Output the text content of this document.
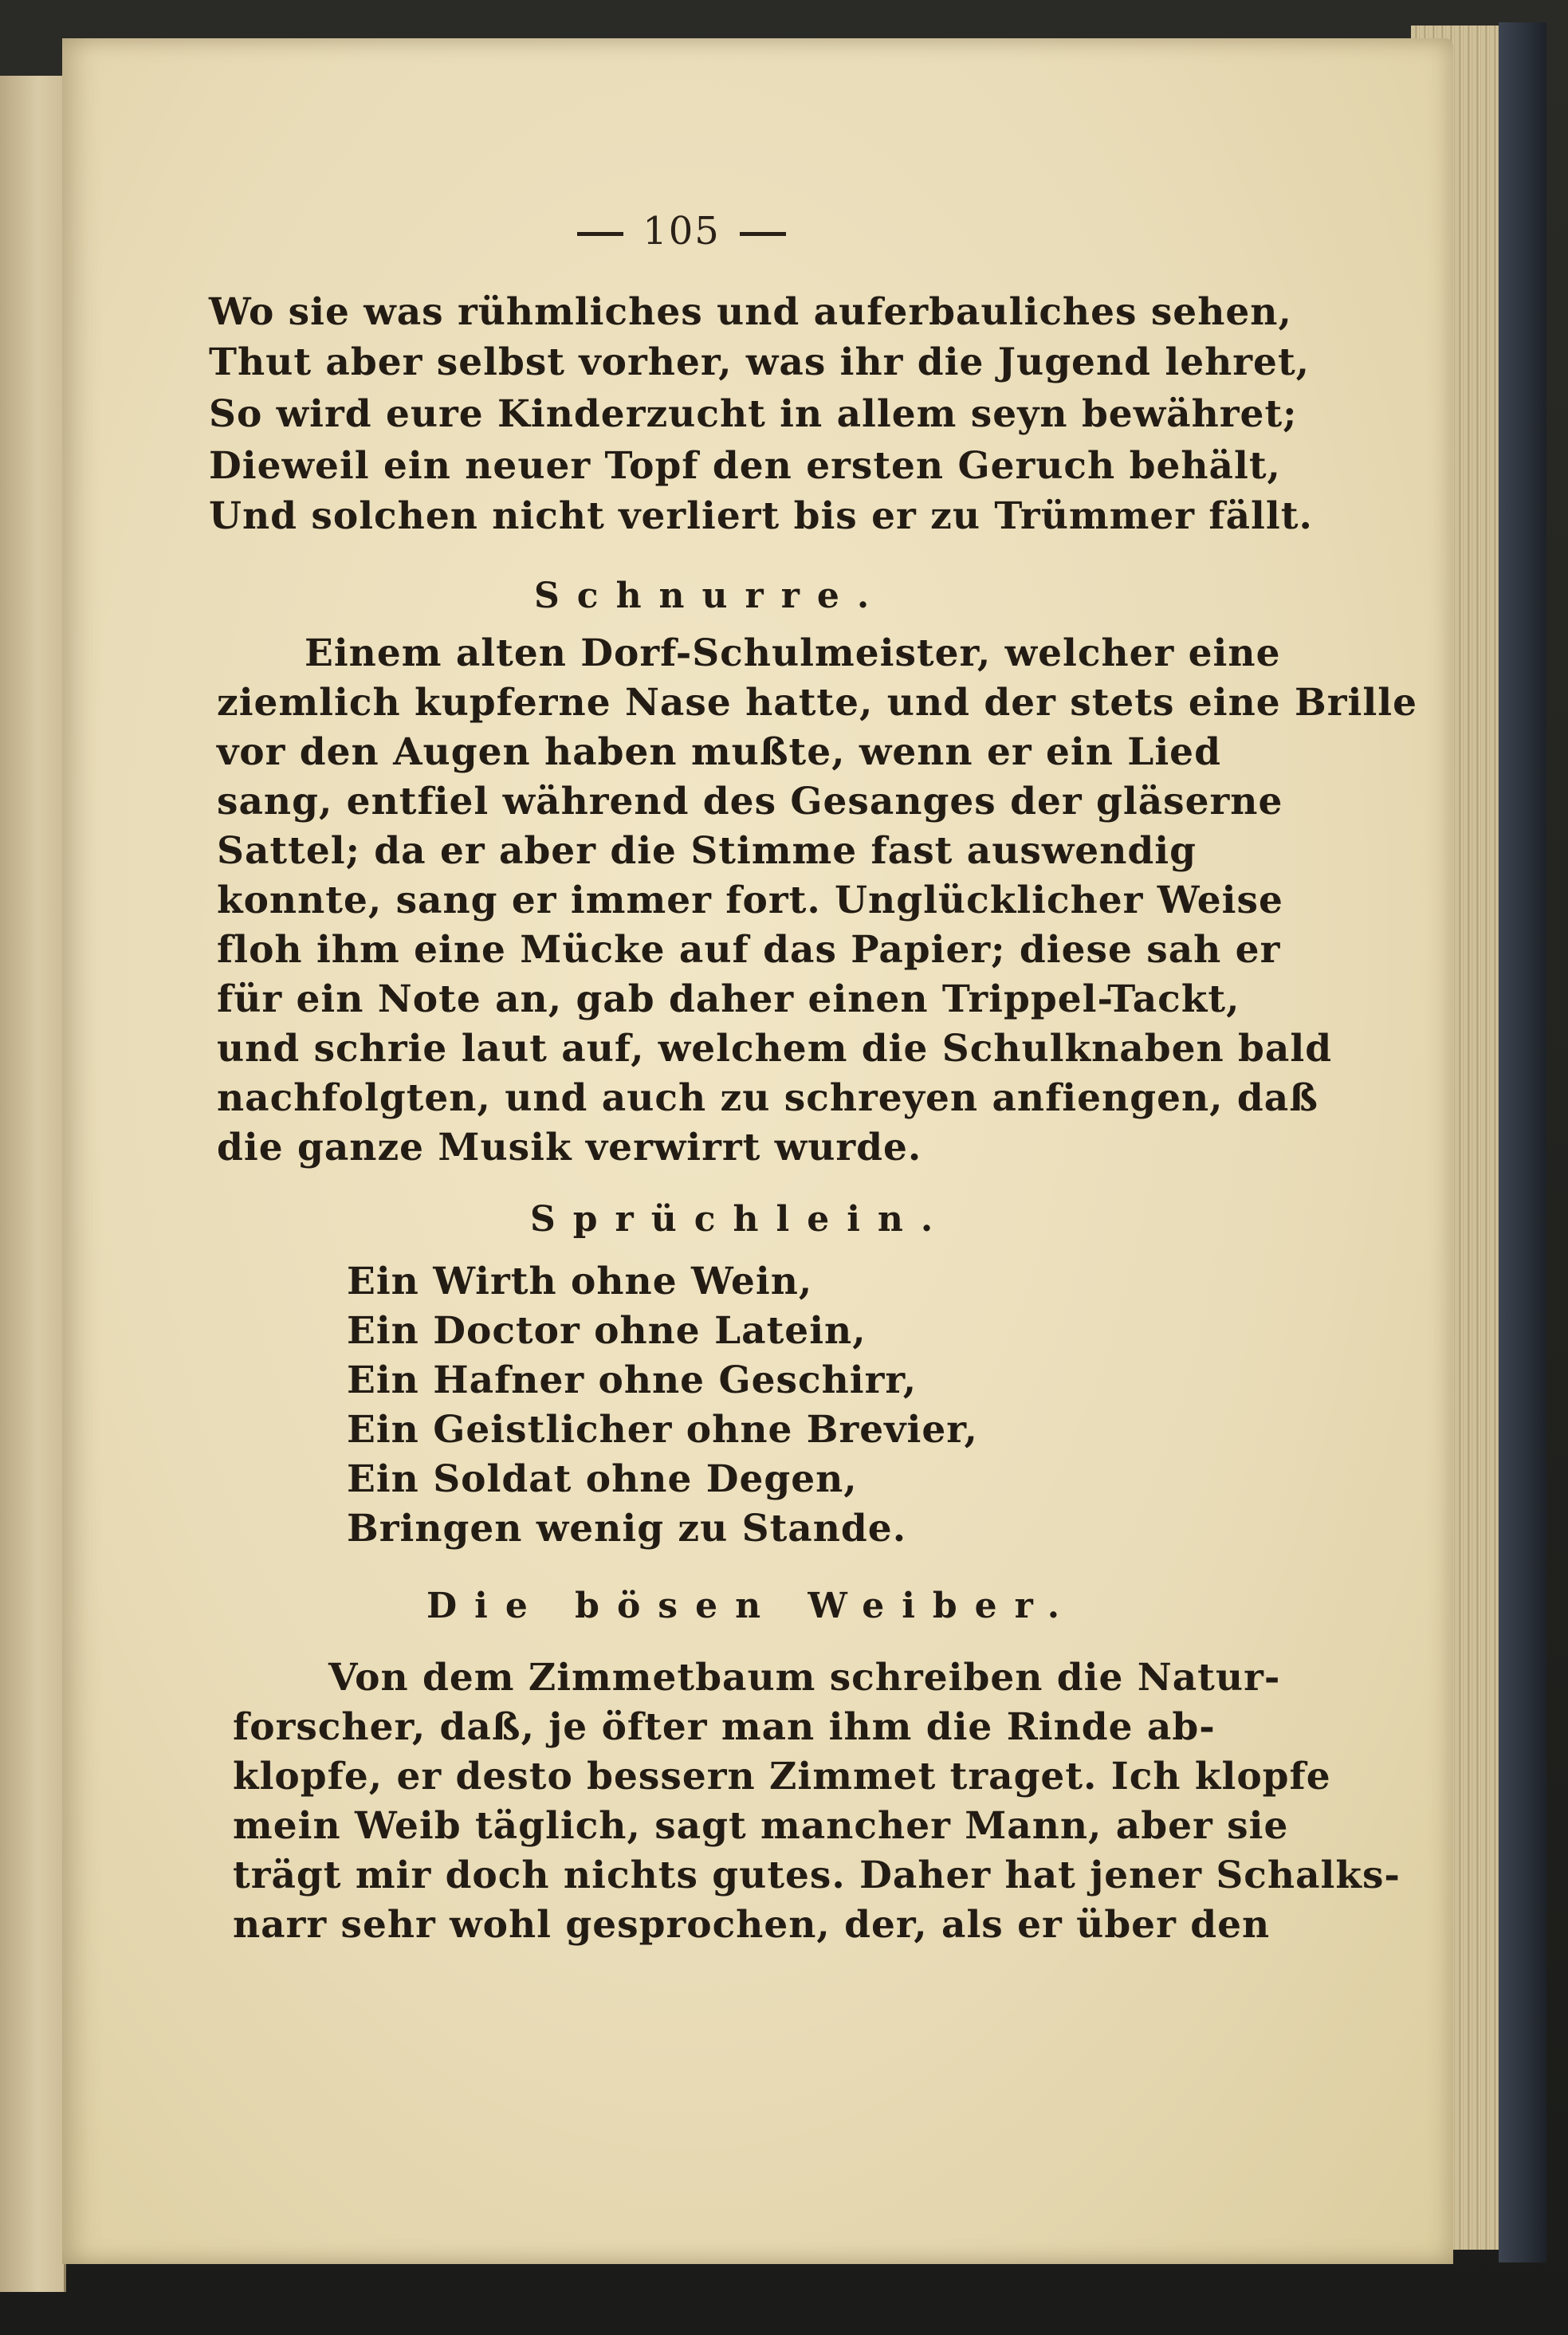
105
Wo sie was rühmliches und auferbauliches sehen,
Thut aber selbst vorher, was ihr die Jugend lehret,
So wird eure Kinderzucht in allem seyn bewähret;
Dieweil ein neuer Topf den ersten Geruch behält,
Und solchen nicht verliert bis er zu Trümmer fällt.
Schnurre.
Einem alten Dorf-Schulmeister, welcher eine
ziemlich kupferne Nase hatte, und der stets eine Brille
vor den Augen haben mußte, wenn er ein Lied
sang, entfiel während des Gesanges der gläserne
Sattel; da er aber die Stimme fast auswendig
konnte, sang er immer fort. Unglücklicher Weise
floh ihm eine Mücke auf das Papier; diese sah er
für ein Note an, gab daher einen Trippel-Tackt,
und schrie laut auf, welchem die Schulknaben bald
nachfolgten, und auch zu schreyen anfiengen, daß
die ganze Musik verwirrt wurde.
Sprüchlein.
Ein Wirth ohne Wein,
Ein Doctor ohne Latein,
Ein Hafner ohne Geschirr,
Ein Geistlicher ohne Brevier,
Ein Soldat ohne Degen,
Bringen wenig zu Stande.
Die bösen Weiber.
Von dem Zimmetbaum schreiben die Natur-
forscher, daß, je öfter man ihm die Rinde ab-
klopfe, er desto bessern Zimmet traget. Ich klopfe
mein Weib täglich, sagt mancher Mann, aber sie
trägt mir doch nichts gutes. Daher hat jener Schalks-
narr sehr wohl gesprochen, der, als er über den
